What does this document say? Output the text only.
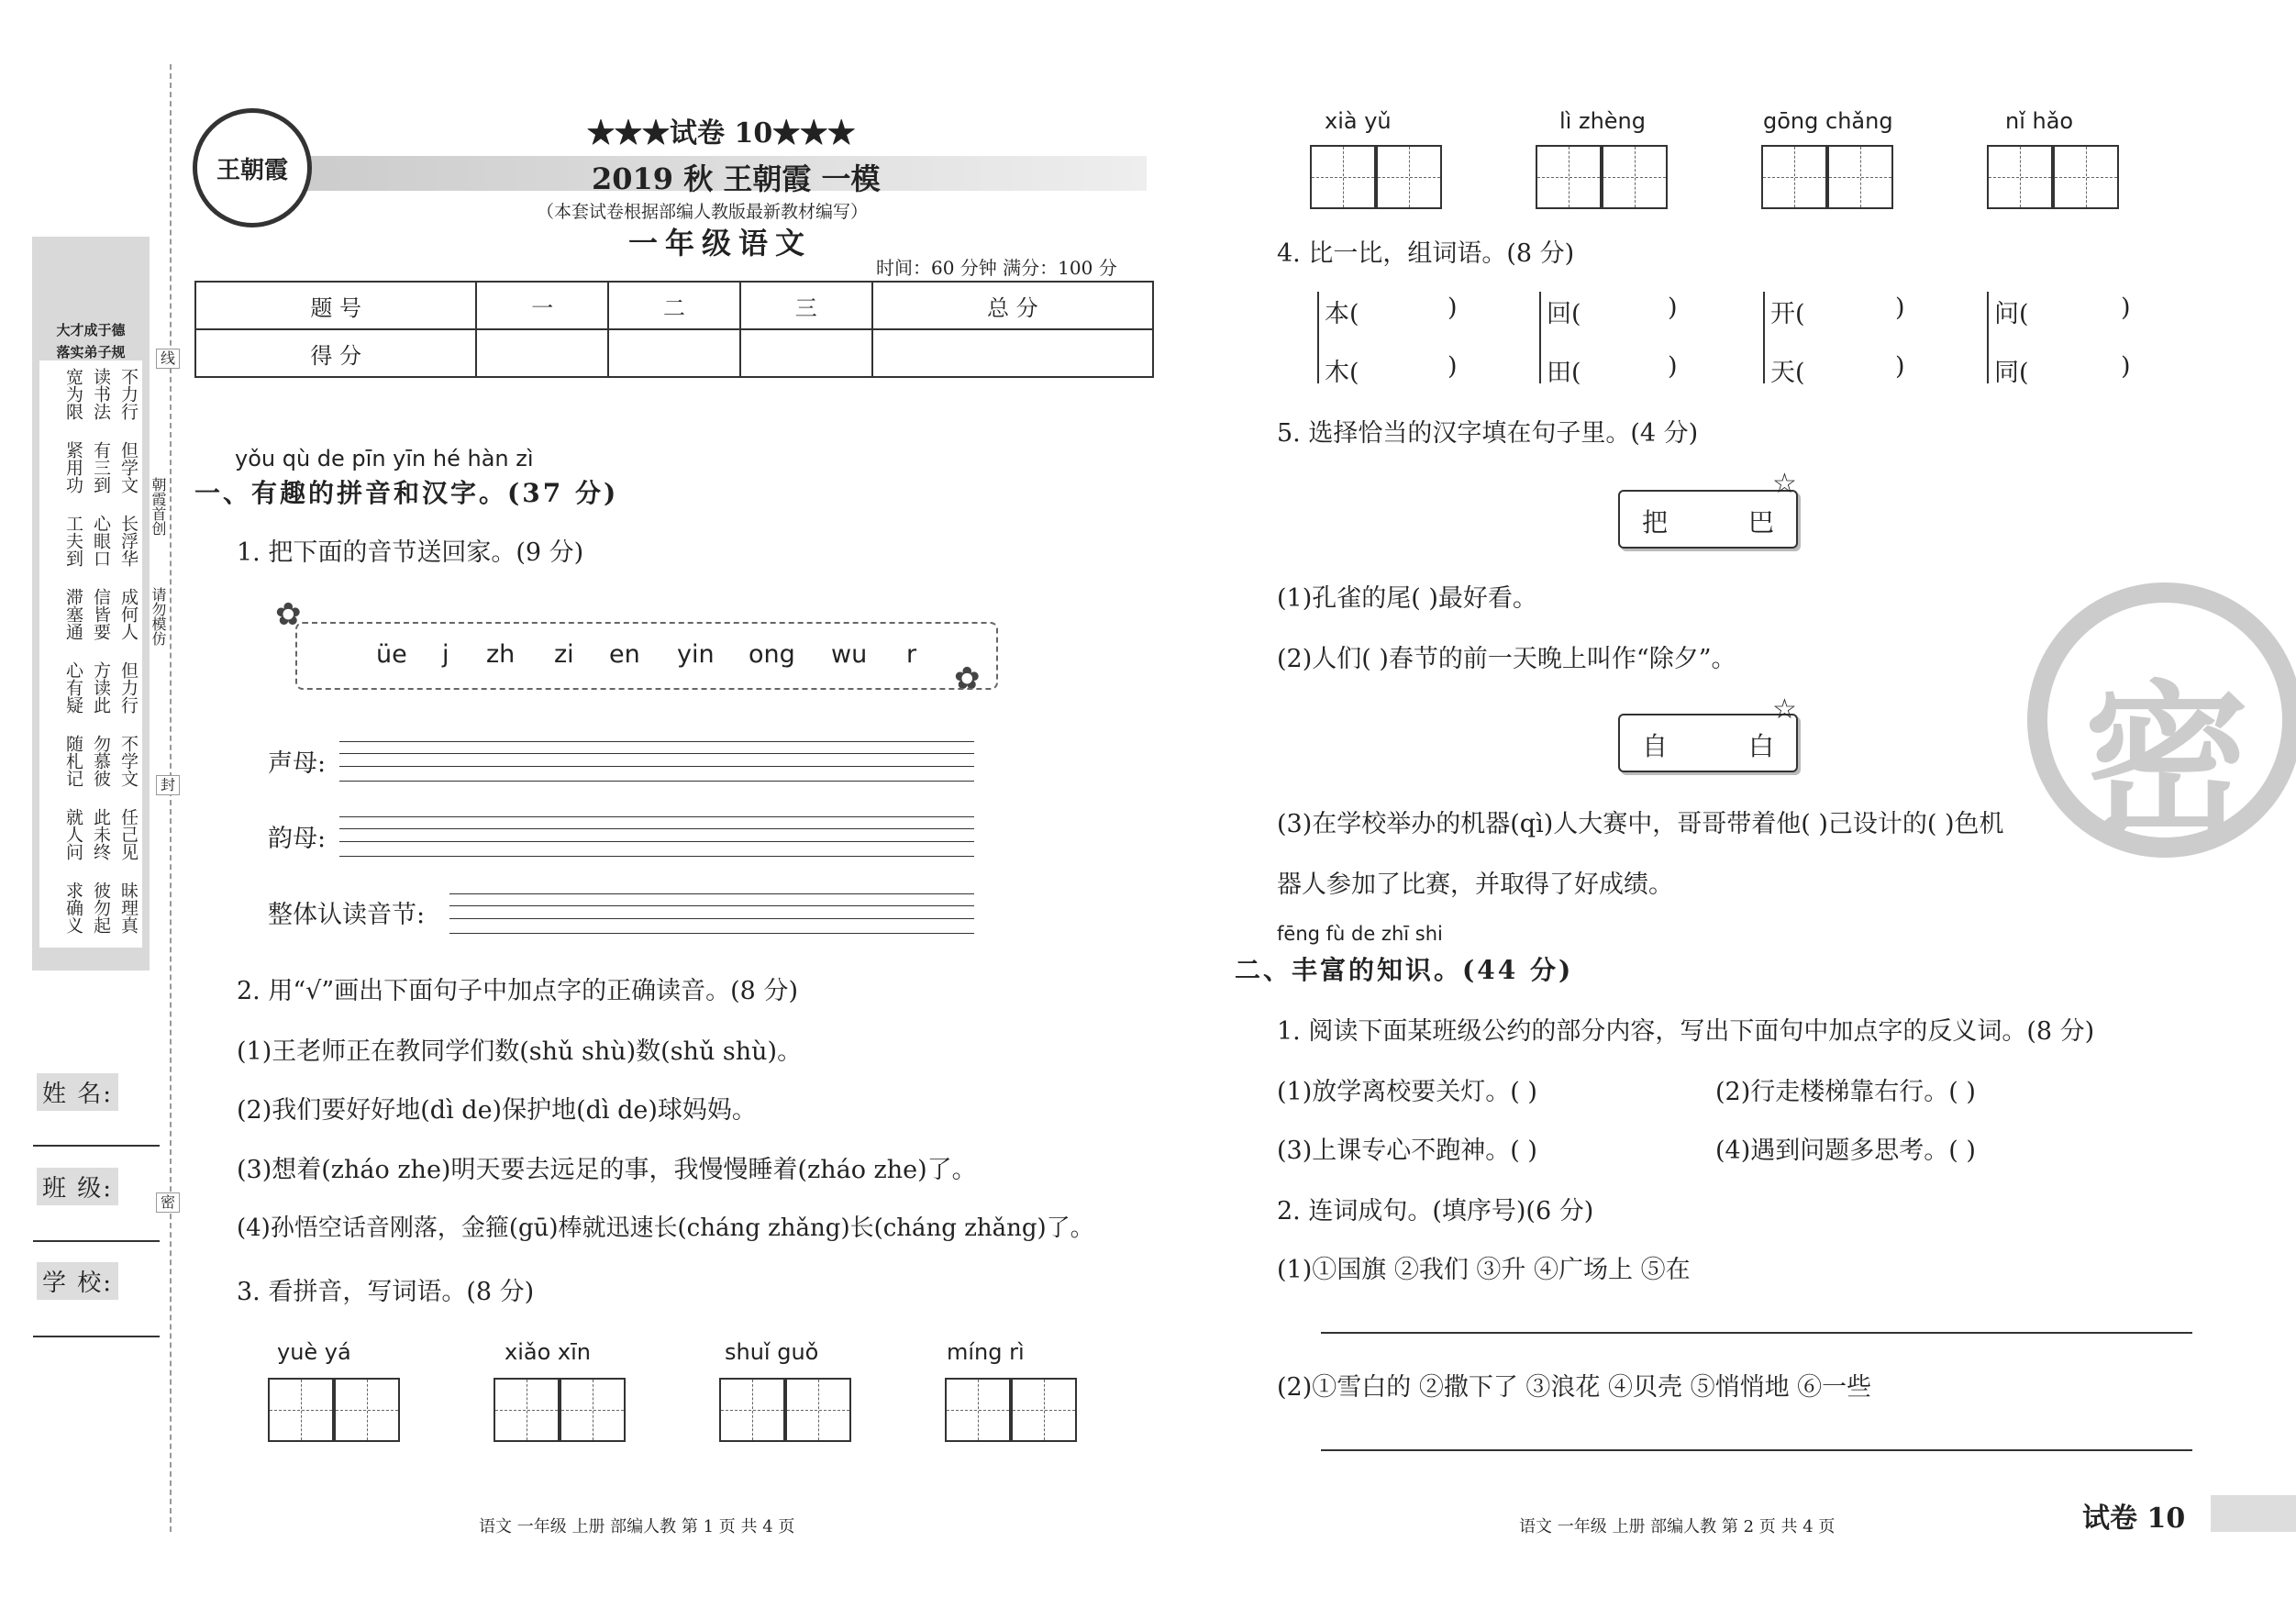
大才成于德
落实弟子规
不力行
读书法
宽为限
但学文
有三到
紧用功
长浮华
心眼口
工夫到
成何人
信皆要
滞塞通
但力行
方读此
心有疑
不学文
勿慕彼
随札记
任己见
此未终
就人问
昧理真
彼勿起
求确义
线
朝霞首创
请勿模仿
封
密
姓 名:
班 级:
学 校:
王朝霞
★★★试卷 10★★★
2019 秋 王朝霞 一模
（本套试卷根据部编人教版最新教材编写）
一年级语文
时间：60 分钟 满分：100 分
题 号	一	二	三	总 分
得 分				
yǒu qù de pīn yīn hé hàn zì
一、有趣的拼音和汉字。(37 分)
1. 把下面的音节送回家。(9 分)
✿
✿
üe j zh zi en yin ong wu r
声母:
韵母:
整体认读音节:
2. 用“√”画出下面句子中加点字的正确读音。(8 分)
(1)王老师正在教同学们数(shǔ shù)数(shǔ shù)。
(2)我们要好好地(dì de)保护地(dì de)球妈妈。
(3)想着(zháo zhe)明天要去远足的事，我慢慢睡着(zháo zhe)了。
(4)孙悟空话音刚落，金箍(gū)棒就迅速长(cháng zhǎng)长(cháng zhǎng)了。
3. 看拼音，写词语。(8 分)
yuè yá	xiǎo xīn	shuǐ guǒ	míng rì
语文 一年级 上册 部编人教 第 1 页 共 4 页
xià yǔ	lì zhèng	gōng chǎng	nǐ hǎo
4. 比一比，组词语。(8 分)
本(	)
木(	)
回(	)
田(	)
开(	)
天(	)
问(	)
同(	)
5. 选择恰当的汉字填在句子里。(4 分)
把	巴
☆
(1)孔雀的尾( )最好看。
(2)人们( )春节的前一天晚上叫作“除夕”。
自	白
☆
(3)在学校举办的机器(qì)人大赛中，哥哥带着他( )己设计的( )色机
器人参加了比赛，并取得了好成绩。
密
fēng fù de zhī shi
二、丰富的知识。(44 分)
1. 阅读下面某班级公约的部分内容，写出下面句中加点字的反义词。(8 分)
(1)放学离校要关灯。( )	(2)行走楼梯靠右行。( )
(3)上课专心不跑神。( )	(4)遇到问题多思考。( )
2. 连词成句。(填序号)(6 分)
(1)①国旗 ②我们 ③升 ④广场上 ⑤在
(2)①雪白的 ②撒下了 ③浪花 ④贝壳 ⑤悄悄地 ⑥一些
语文 一年级 上册 部编人教 第 2 页 共 4 页	试卷 10
